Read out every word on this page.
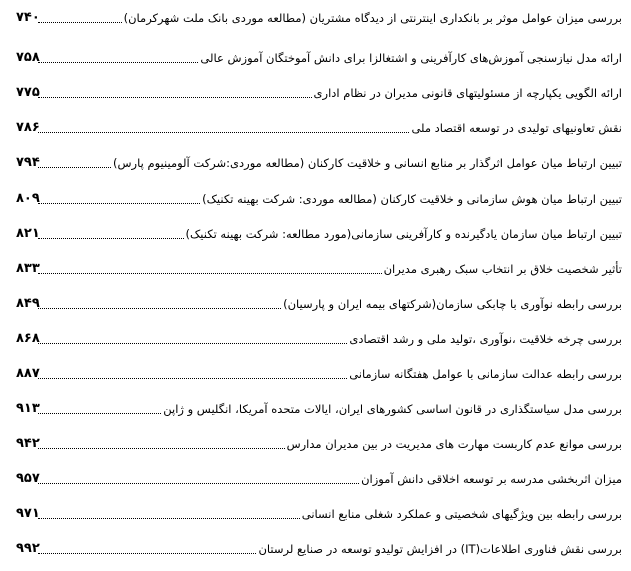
بررسی میزان عوامل موثر بر بانکداری اینترنتی از دیدگاه مشتریان (مطالعه موردی بانک ملت شهرکرمان)
۷۴۰
ارائه مدل نیازسنجی آموزش‌های کارآفرینی و اشتغالزا برای دانش آموختگان آموزش عالی
۷۵۸
ارائه الگویی یکپارچه از مسئولیتهای قانونی مدیران در نظام اداری
۷۷۵
نقش تعاونیهای تولیدی در توسعه اقتصاد ملی
۷۸۶
تبیین ارتباط میان عوامل اثرگذار بر منابع انسانی و خلاقیت کارکنان (مطالعه موردی:شرکت آلومینیوم پارس)
۷۹۴
تبیین ارتباط میان هوش سازمانی و خلاقیت کارکنان (مطالعه موردی: شرکت بهینه تکنیک)
۸۰۹
تبیین ارتباط میان سازمان یادگیرنده و کارآفرینی سازمانی(مورد مطالعه: شرکت بهینه تکنیک)
۸۲۱
تأثیر شخصیت خلاق بر انتخاب سبک رهبری مدیران
۸۳۳
بررسی رابطه نوآوری با چابکی سازمان(شرکتهای بیمه ایران و پارسیان)
۸۴۹
بررسی چرخه خلاقیت ،نوآوری ،تولید ملی و رشد اقتصادی
۸۶۸
بررسی رابطه عدالت سازمانی با عوامل هفتگانه سازمانی
۸۸۷
بررسی مدل سیاستگذاری در قانون اساسی کشورهای ایران، ایالات متحده آمریکا، انگلیس و ژاپن
۹۱۳
بررسی موانع عدم کاربست مهارت های مدیریت در بین مدیران مدارس
۹۴۲
میزان اثربخشی مدرسه بر توسعه اخلاقی دانش آموزان
۹۵۷
بررسی رابطه بین ویژگیهای شخصیتی و عملکرد شغلی منابع انسانی
۹۷۱
بررسی نقش فناوری اطلاعات(IT) در افزایش تولیدو توسعه در صنایع لرستان
۹۹۲
